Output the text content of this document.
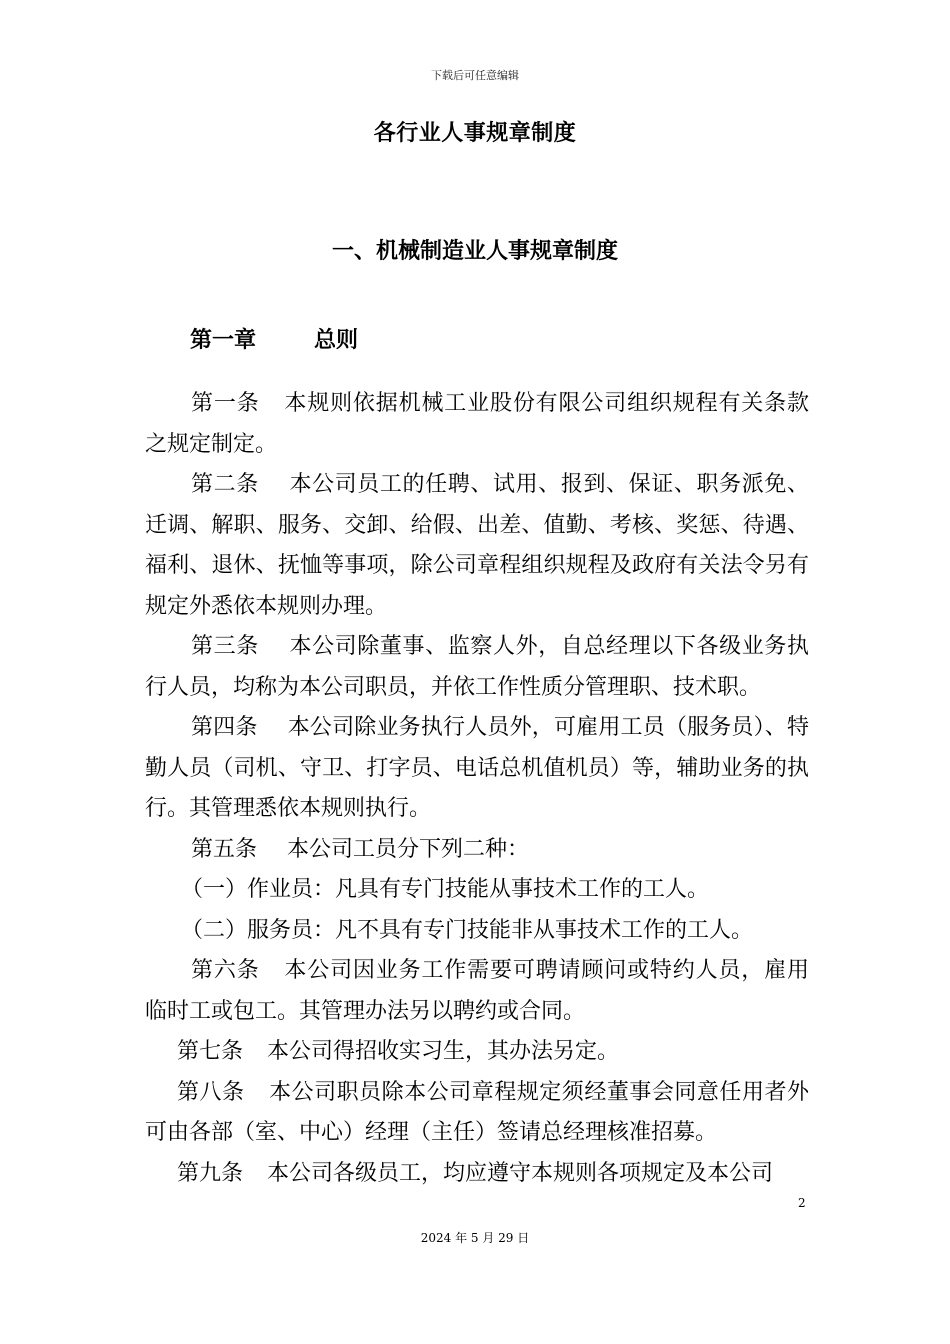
下载后可任意编辑
各行业人事规章制度
一、机械制造业人事规章制度
第一章	总则

第一条 本规则依据机械工业股份有限公司组织规程有关条款之规定制定。

第二条 本公司员工的任聘、试用、报到、保证、职务派免、迁调、解职、服务、交卸、给假、出差、值勤、考核、奖惩、待遇、福利、退休、抚恤等事项，除公司章程组织规程及政府有关法令另有规定外悉依本规则办理。

第三条 本公司除董事、监察人外，自总经理以下各级业务执行人员，均称为本公司职员，并依工作性质分管理职、技术职。

第四条 本公司除业务执行人员外，可雇用工员（服务员）、特勤人员（司机、守卫、打字员、电话总机值机员）等，辅助业务的执行。其管理悉依本规则执行。

第五条 本公司工员分下列二种：

（一）作业员：凡具有专门技能从事技术工作的工人。

（二）服务员：凡不具有专门技能非从事技术工作的工人。

第六条 本公司因业务工作需要可聘请顾问或特约人员，雇用临时工或包工。其管理办法另以聘约或合同。

第七条 本公司得招收实习生，其办法另定。

第八条 本公司职员除本公司章程规定须经董事会同意任用者外可由各部（室、中心）经理（主任）签请总经理核准招募。

第九条 本公司各级员工，均应遵守本规则各项规定及本公司

2
2024 年 5 月 29 日
